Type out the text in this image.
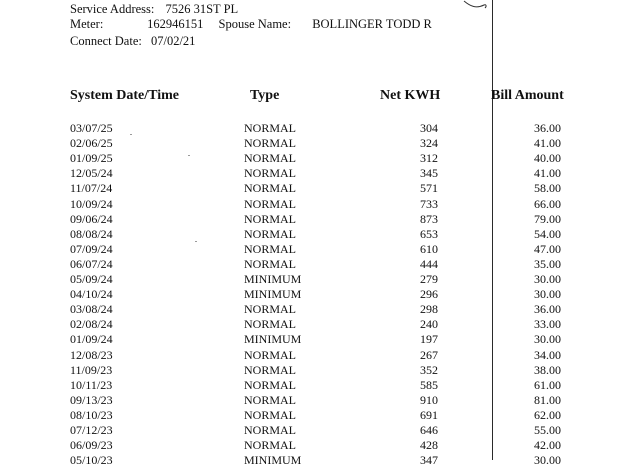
Service Address: 7526 31ST PL
Meter:	162946151 Spouse Name: BOLLINGER TODD R
Connect Date: 07/02/21
System Date/Time	Type	Net KWH	Bill Amount
03/07/25	NORMAL	304	36.00
02/06/25	NORMAL	324	41.00
01/09/25	NORMAL	312	40.00
12/05/24	NORMAL	345	41.00
11/07/24	NORMAL	571	58.00
10/09/24	NORMAL	733	66.00
09/06/24	NORMAL	873	79.00
08/08/24	NORMAL	653	54.00
07/09/24	NORMAL	610	47.00
06/07/24	NORMAL	444	35.00
05/09/24	MINIMUM	279	30.00
04/10/24	MINIMUM	296	30.00
03/08/24	NORMAL	298	36.00
02/08/24	NORMAL	240	33.00
01/09/24	MINIMUM	197	30.00
12/08/23	NORMAL	267	34.00
11/09/23	NORMAL	352	38.00
10/11/23	NORMAL	585	61.00
09/13/23	NORMAL	910	81.00
08/10/23	NORMAL	691	62.00
07/12/23	NORMAL	646	55.00
06/09/23	NORMAL	428	42.00
05/10/23	MINIMUM	347	30.00
